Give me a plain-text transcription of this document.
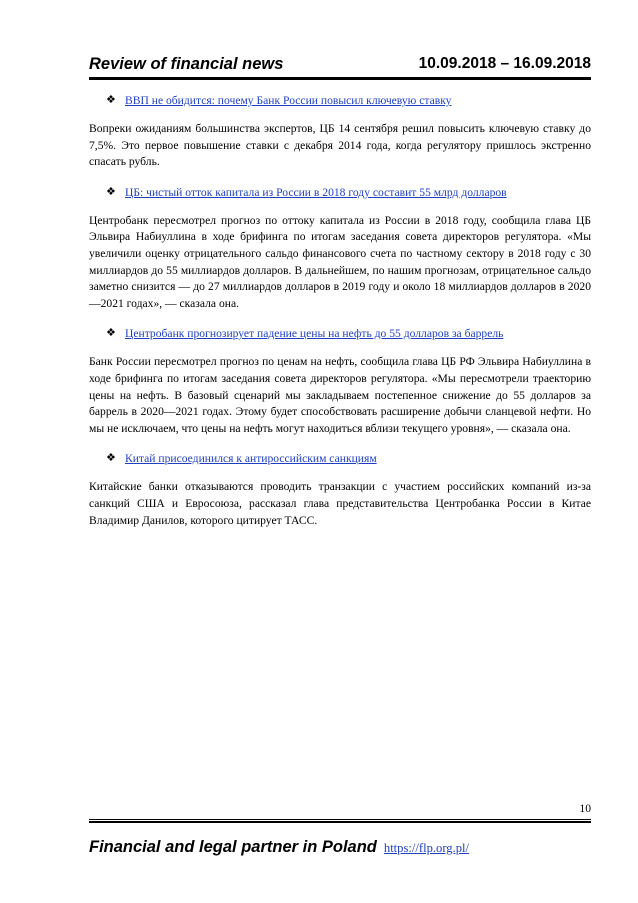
Review of financial news	10.09.2018 – 16.09.2018
❖ ВВП не обидится: почему Банк России повысил ключевую ставку

Вопреки ожиданиям большинства экспертов, ЦБ 14 сентября решил повысить ключевую ставку до 7,5%. Это первое повышение ставки с декабря 2014 года, когда регулятору пришлось экстренно спасать рубль.

❖ ЦБ: чистый отток капитала из России в 2018 году составит 55 млрд долларов

Центробанк пересмотрел прогноз по оттоку капитала из России в 2018 году, сообщила глава ЦБ Эльвира Набиуллина в ходе брифинга по итогам заседания совета директоров регулятора. «Мы увеличили оценку отрицательного сальдо финансового счета по частному сектору в 2018 году с 30 миллиардов до 55 миллиардов долларов. В дальнейшем, по нашим прогнозам, отрицательное сальдо заметно снизится — до 27 миллиардов долларов в 2019 году и около 18 миллиардов долларов в 2020—2021 годах», — сказала она.

❖ Центробанк прогнозирует падение цены на нефть до 55 долларов за баррель

Банк России пересмотрел прогноз по ценам на нефть, сообщила глава ЦБ РФ Эльвира Набиуллина в ходе брифинга по итогам заседания совета директоров регулятора. «Мы пересмотрели траекторию цены на нефть. В базовый сценарий мы закладываем постепенное снижение до 55 долларов за баррель в 2020—2021 годах. Этому будет способствовать расширение добычи сланцевой нефти. Но мы не исключаем, что цены на нефть могут находиться вблизи текущего уровня», — сказала она.

❖ Китай присоединился к антироссийским санкциям

Китайские банки отказываются проводить транзакции с участием российских компаний из-за санкций США и Евросоюза, рассказал глава представительства Центробанка России в Китае Владимир Данилов, которого цитирует ТАСС.

10
Financial and legal partner in Poland https://flp.org.pl/
